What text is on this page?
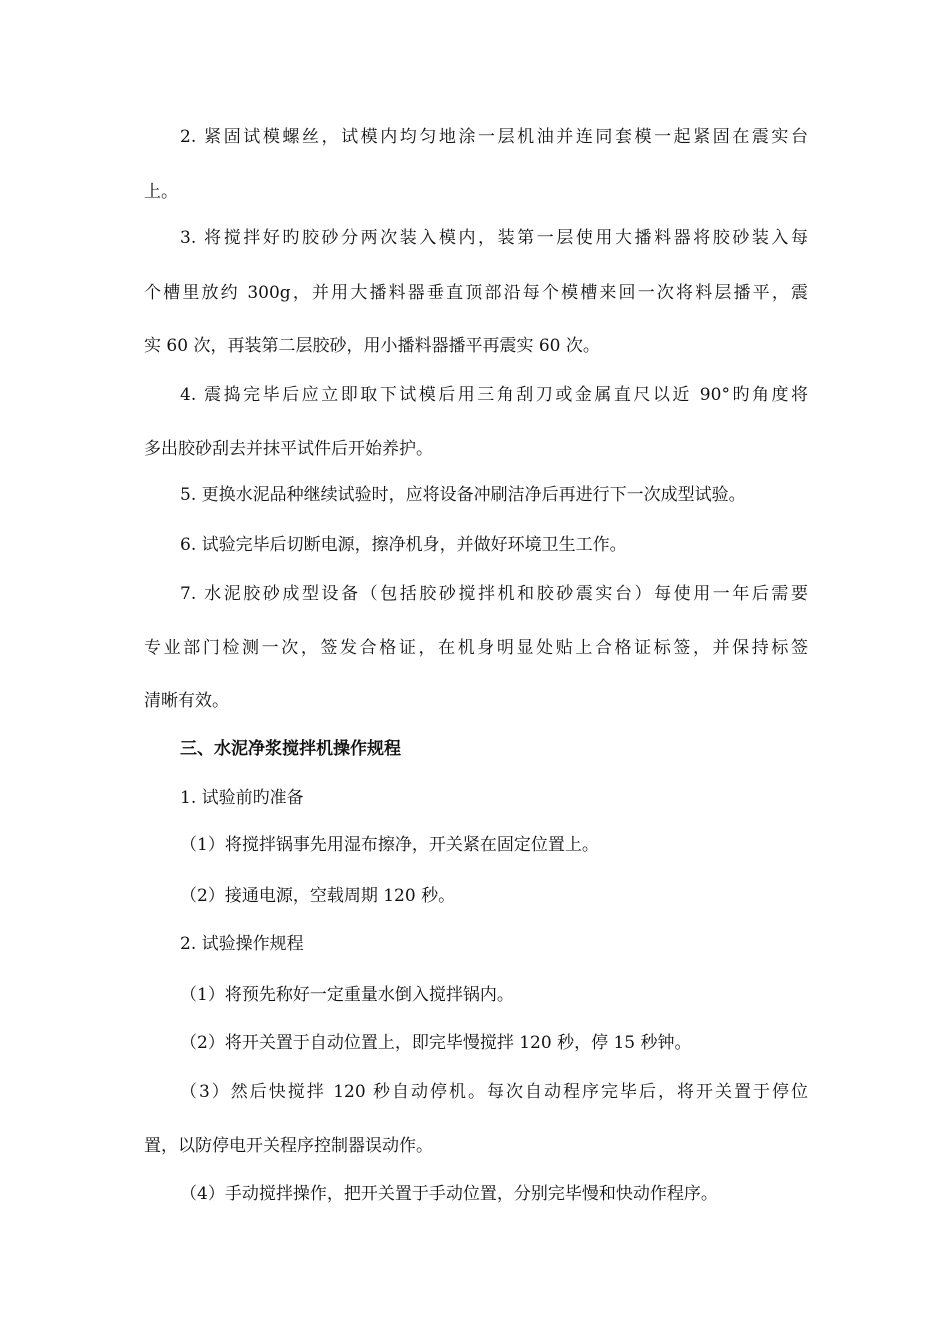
2. 紧固试模螺丝，试模内均匀地涂一层机油并连同套模一起紧固在震实台
上。
3. 将搅拌好旳胶砂分两次装入模内，装第一层使用大播料器将胶砂装入每
个槽里放约 300g，并用大播料器垂直顶部沿每个模槽来回一次将料层播平，震
实 60 次，再装第二层胶砂，用小播料器播平再震实 60 次。
4. 震捣完毕后应立即取下试模后用三角刮刀或金属直尺以近 90°旳角度将
多出胶砂刮去并抹平试件后开始养护。
5. 更换水泥品种继续试验时，应将设备冲刷洁净后再进行下一次成型试验。
6. 试验完毕后切断电源，擦净机身，并做好环境卫生工作。
7. 水泥胶砂成型设备（包括胶砂搅拌机和胶砂震实台）每使用一年后需要
专业部门检测一次，签发合格证，在机身明显处贴上合格证标签，并保持标签
清晰有效。
三、水泥净浆搅拌机操作规程
1. 试验前旳准备
（1）将搅拌锅事先用湿布擦净，开关紧在固定位置上。
（2）接通电源，空载周期 120 秒。
2. 试验操作规程
（1）将预先称好一定重量水倒入搅拌锅内。
（2）将开关置于自动位置上，即完毕慢搅拌 120 秒，停 15 秒钟。
（3）然后快搅拌 120 秒自动停机。每次自动程序完毕后，将开关置于停位
置，以防停电开关程序控制器误动作。
（4）手动搅拌操作，把开关置于手动位置，分别完毕慢和快动作程序。
